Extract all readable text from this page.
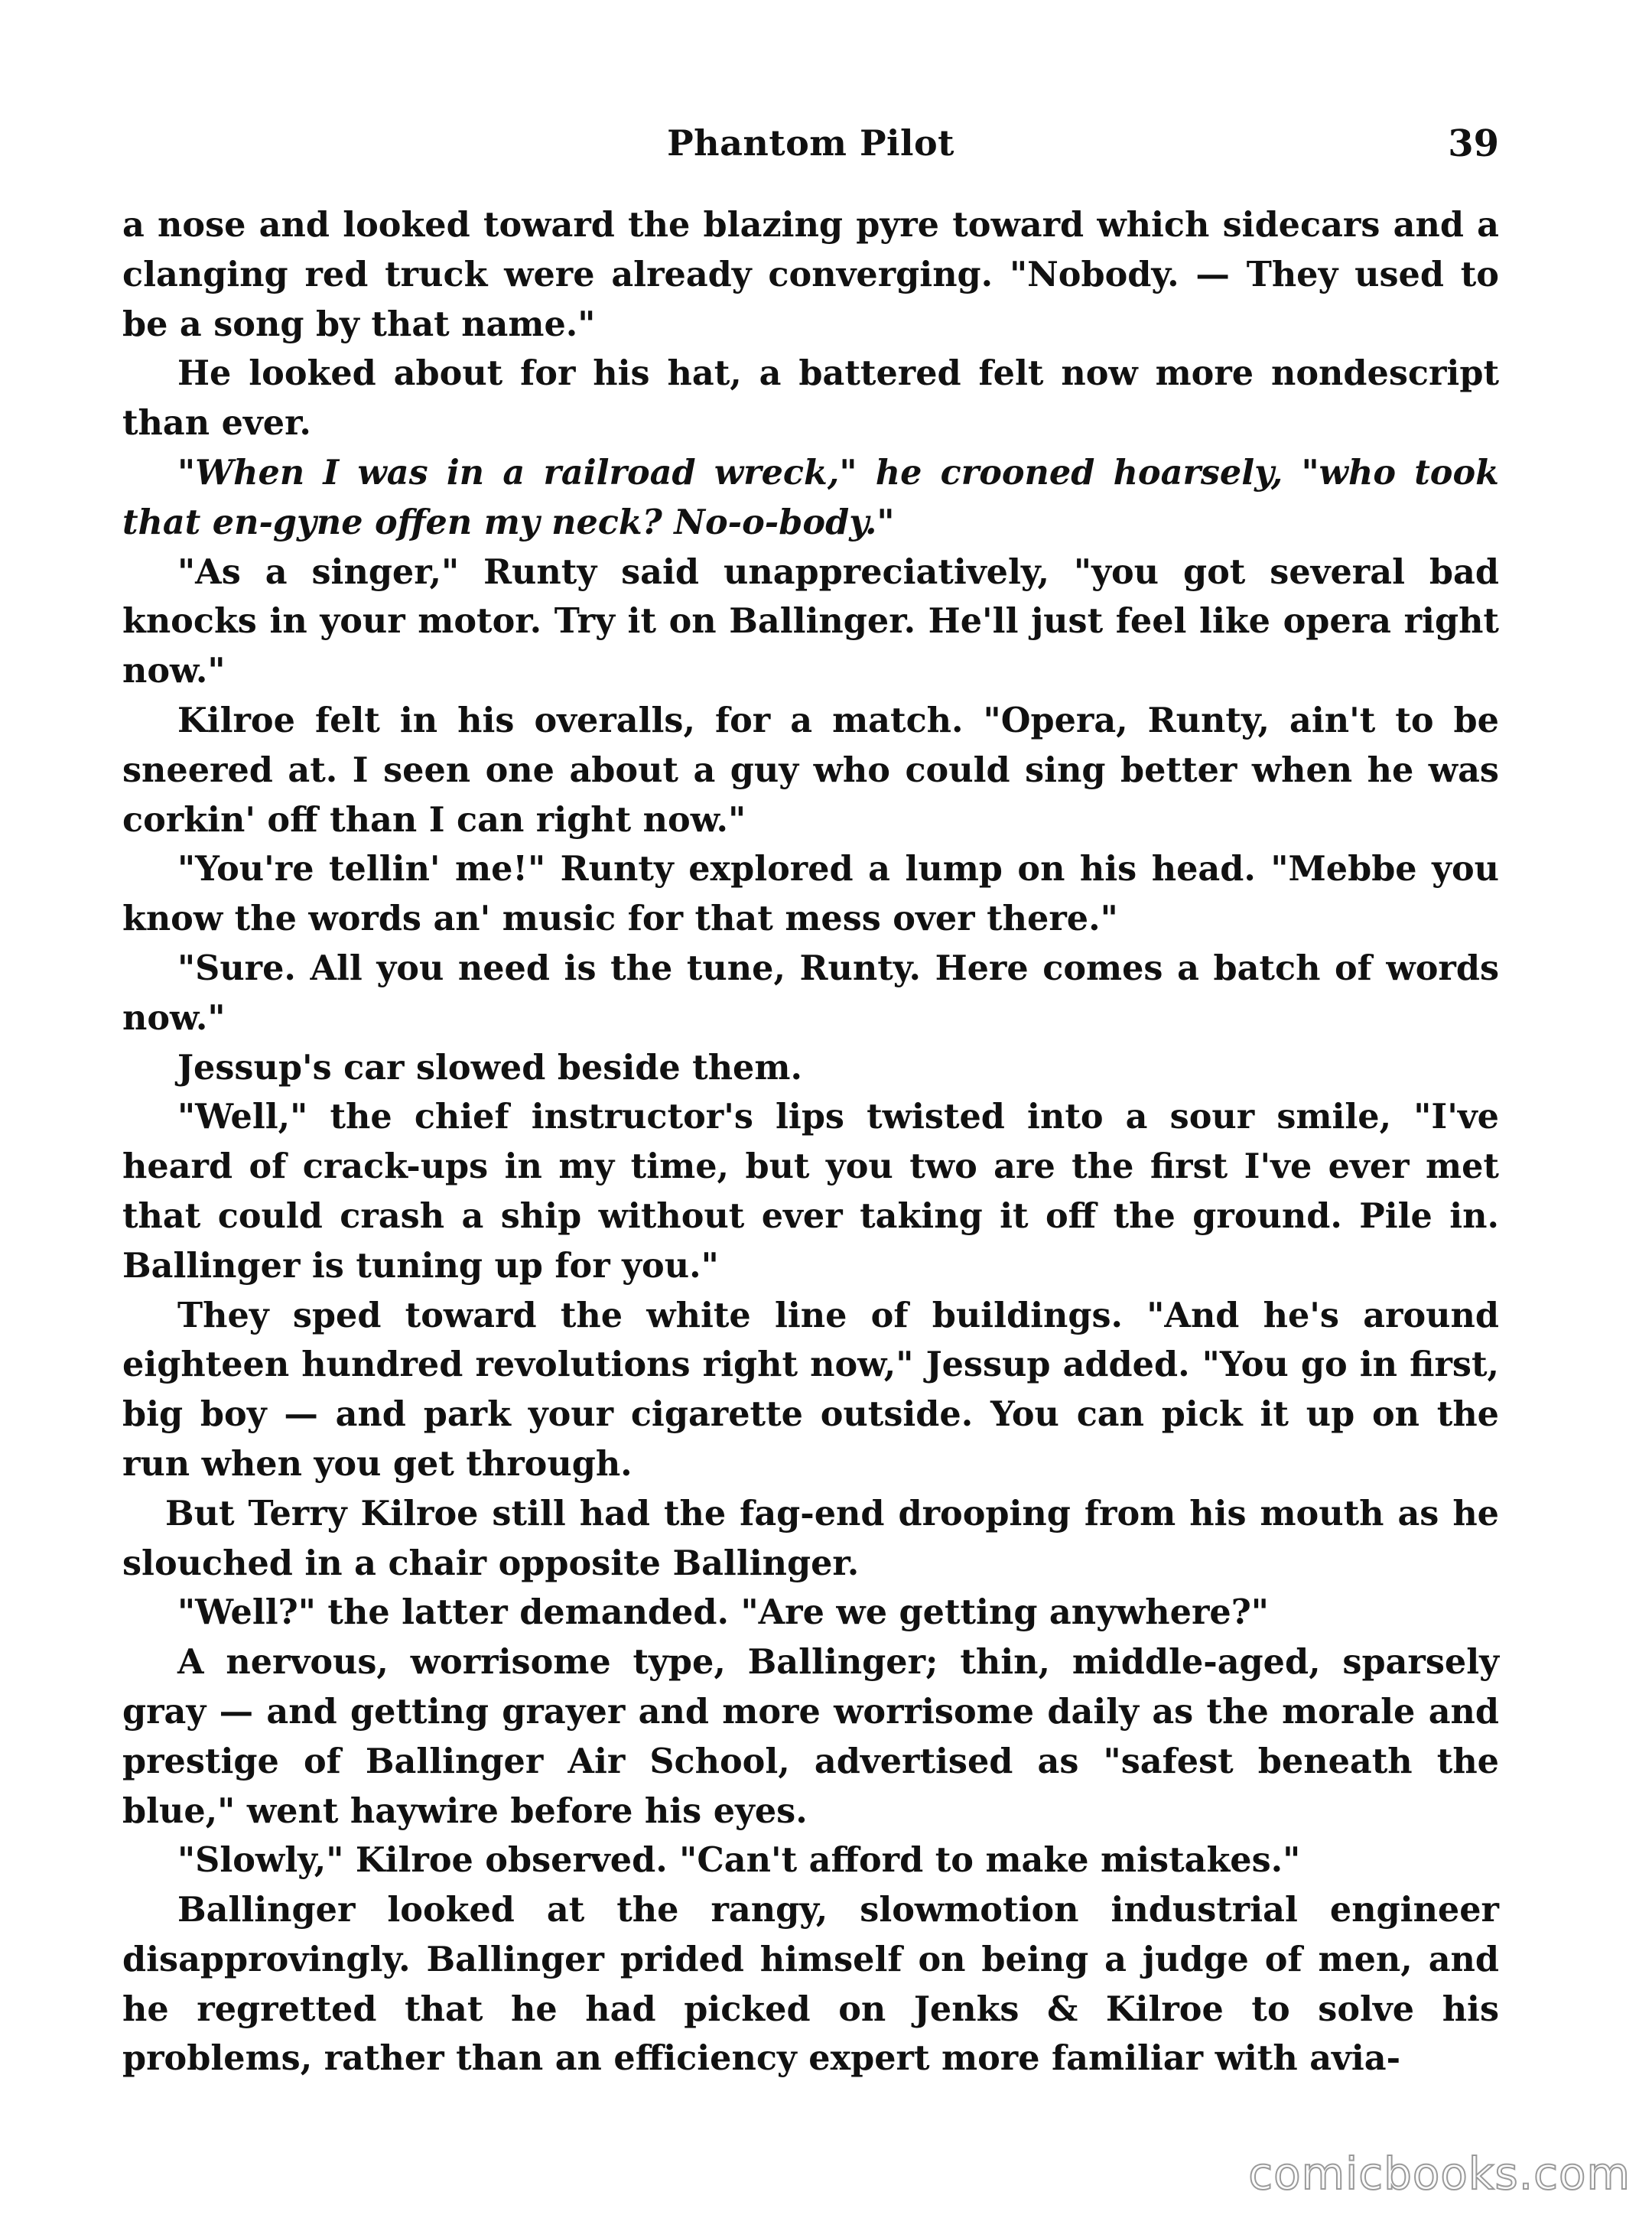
Phantom Pilot	39

a nose and looked toward the blazing pyre toward which sidecars and a clanging red truck were already converging. "Nobody. — They used to be a song by that name."

He looked about for his hat, a battered felt now more nondescript than ever.

"When I was in a railroad wreck," he crooned hoarsely, "who took that en-gyne offen my neck? No-o-body."

"As a singer," Runty said unappreciatively, "you got several bad knocks in your motor. Try it on Ballinger. He'll just feel like opera right now."

Kilroe felt in his overalls, for a match. "Opera, Runty, ain't to be sneered at. I seen one about a guy who could sing better when he was corkin' off than I can right now."

"You're tellin' me!" Runty explored a lump on his head. "Mebbe you know the words an' music for that mess over there."

"Sure. All you need is the tune, Runty. Here comes a batch of words now."

Jessup's car slowed beside them.

"Well," the chief instructor's lips twisted into a sour smile, "I've heard of crack-ups in my time, but you two are the first I've ever met that could crash a ship without ever taking it off the ground. Pile in. Ballinger is tuning up for you."

They sped toward the white line of buildings. "And he's around eighteen hundred revolutions right now," Jessup added. "You go in first, big boy — and park your cigarette outside. You can pick it up on the run when you get through.

But Terry Kilroe still had the fag-end drooping from his mouth as he slouched in a chair opposite Ballinger.

"Well?" the latter demanded. "Are we getting anywhere?"

A nervous, worrisome type, Ballinger; thin, middle-aged, sparsely gray — and getting grayer and more worrisome daily as the morale and prestige of Ballinger Air School, advertised as "safest beneath the blue," went haywire before his eyes.

"Slowly," Kilroe observed. "Can't afford to make mistakes."

Ballinger looked at the rangy, slowmotion industrial engineer disapprovingly. Ballinger prided himself on being a judge of men, and he regretted that he had picked on Jenks & Kilroe to solve his problems, rather than an efficiency expert more familiar with avia-

comicbooks.com
